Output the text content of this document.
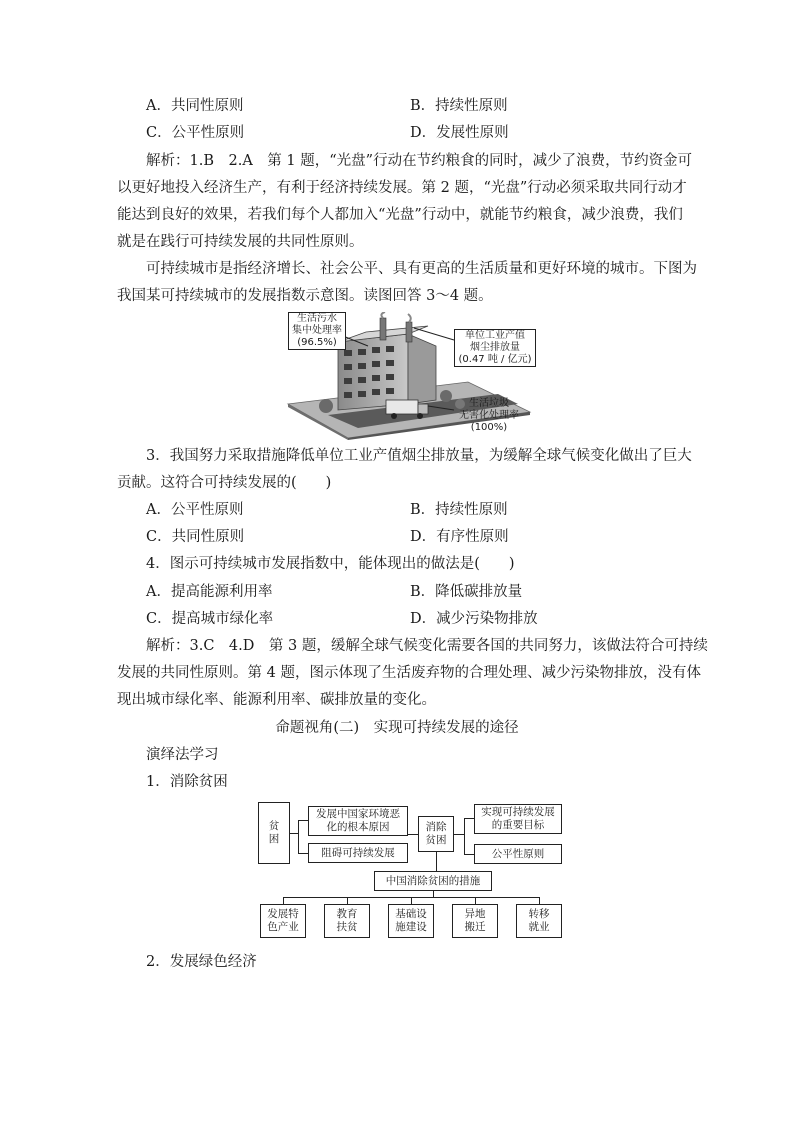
A．共同性原则	B．持续性原则
C．公平性原则	D．发展性原则
解析：1.B　2.A　第 1 题，“光盘”行动在节约粮食的同时，减少了浪费，节约资金可
以更好地投入经济生产，有利于经济持续发展。第 2 题，“光盘”行动必须采取共同行动才
能达到良好的效果，若我们每个人都加入“光盘”行动中，就能节约粮食，减少浪费，我们
就是在践行可持续发展的共同性原则。
可持续城市是指经济增长、社会公平、具有更高的生活质量和更好环境的城市。下图为
我国某可持续城市的发展指数示意图。读图回答 3～4 题。
生活污水
集中处理率
(96.5%)
单位工业产值
烟尘排放量
(0.47 吨 / 亿元)
生活垃圾
无害化处理率
(100%)
3．我国努力采取措施降低单位工业产值烟尘排放量，为缓解全球气候变化做出了巨大
贡献。这符合可持续发展的(　　)
A．公平性原则	B．持续性原则
C．共同性原则	D．有序性原则
4．图示可持续城市发展指数中，能体现出的做法是(　　)
A．提高能源利用率	B．降低碳排放量
C．提高城市绿化率	D．减少污染物排放
解析：3.C　4.D　第 3 题，缓解全球气候变化需要各国的共同努力，该做法符合可持续
发展的共同性原则。第 4 题，图示体现了生活废弃物的合理处理、减少污染物排放，没有体
现出城市绿化率、能源利用率、碳排放量的变化。
命题视角(二)　实现可持续发展的途径
演绎法学习
1．消除贫困
贫困
发展中国家环境恶化的根本原因
阻碍可持续发展
消除贫困
实现可持续发展的重要目标
公平性原则
中国消除贫困的措施
发展特色产业
教育扶贫
基础设施建设
异地搬迁
转移就业
2．发展绿色经济
